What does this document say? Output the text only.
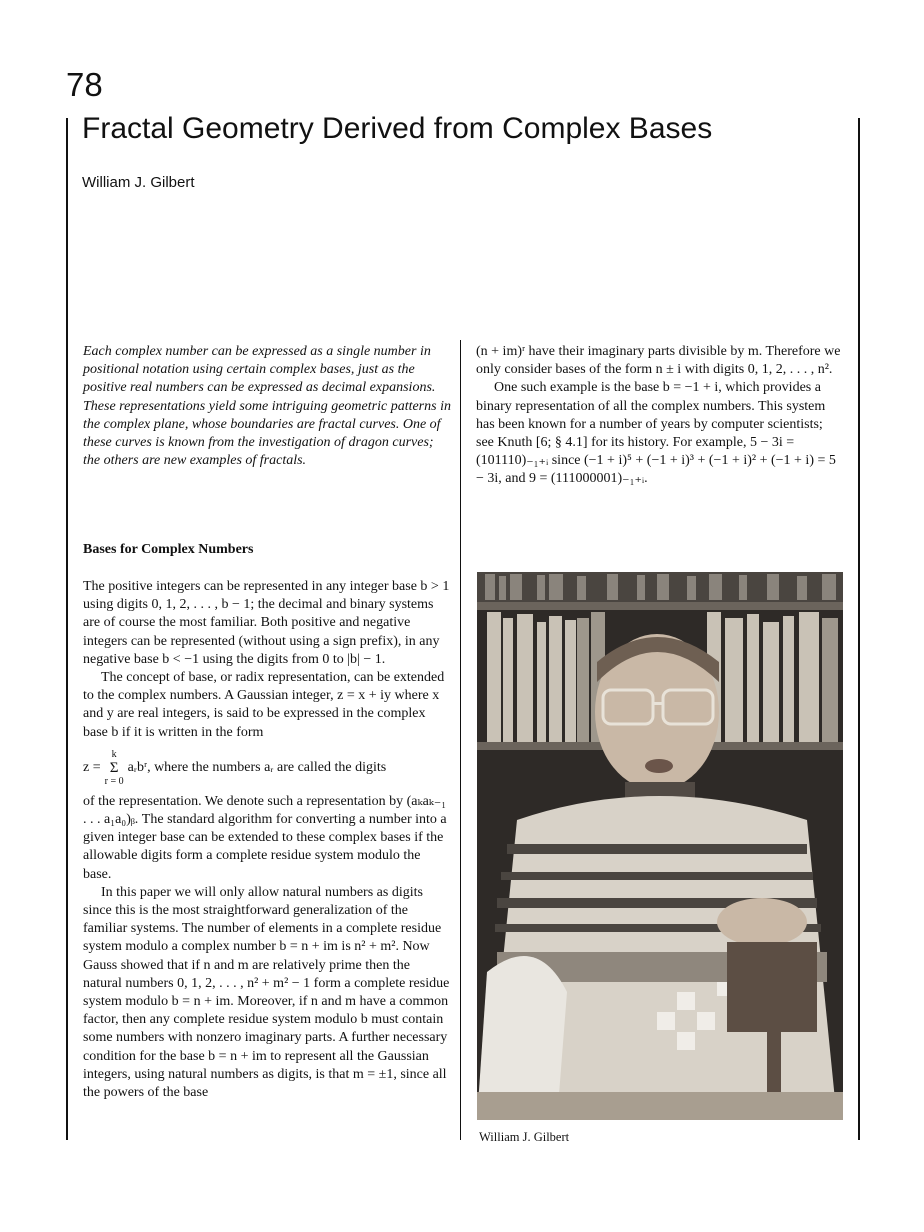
78
Fractal Geometry Derived from Complex Bases
William J. Gilbert

Each complex number can be expressed as a single number in positional notation using certain complex bases, just as the positive real numbers can be expressed as decimal expansions. These representations yield some intriguing geometric patterns in the complex plane, whose boundaries are fractal curves. One of these curves is known from the investigation of dragon curves; the others are new examples of fractals.

(n + im)ʳ have their imaginary parts divisible by m. Therefore we only consider bases of the form n ± i with digits 0, 1, 2, . . . , n².

One such example is the base b = −1 + i, which provides a binary representation of all the complex numbers. This system has been known for a number of years by computer scientists; see Knuth [6; § 4.1] for its history. For example, 5 − 3i = (101110)₋₁₊ᵢ since (−1 + i)⁵ + (−1 + i)³ + (−1 + i)² + (−1 + i) = 5 − 3i, and 9 = (111000001)₋₁₊ᵢ.

Bases for Complex Numbers

The positive integers can be represented in any integer base b > 1 using digits 0, 1, 2, . . . , b − 1; the decimal and binary systems are of course the most familiar. Both positive and negative integers can be represented (without using a sign prefix), in any negative base b < −1 using the digits from 0 to |b| − 1.

The concept of base, or radix representation, can be extended to the complex numbers. A Gaussian integer, z = x + iy where x and y are real integers, is said to be expressed in the complex base b if it is written in the form

z =
k
Σ
r = 0
aᵣbʳ, where the numbers aᵣ are called the digits

of the representation. We denote such a representation by (aₖaₖ₋₁ . . . a₁a₀)ᵦ. The standard algorithm for converting a number into a given integer base can be extended to these complex bases if the allowable digits form a complete residue system modulo the base.

In this paper we will only allow natural numbers as digits since this is the most straightforward generalization of the familiar systems. The number of elements in a complete residue system modulo a complex number b = n + im is n² + m². Now Gauss showed that if n and m are relatively prime then the natural numbers 0, 1, 2, . . . , n² + m² − 1 form a complete residue system modulo b = n + im. Moreover, if n and m have a common factor, then any complete residue system modulo b must contain some numbers with nonzero imaginary parts. A further necessary condition for the base b = n + im to represent all the Gaussian integers, using natural numbers as digits, is that m = ±1, since all the powers of the base

William J. Gilbert
